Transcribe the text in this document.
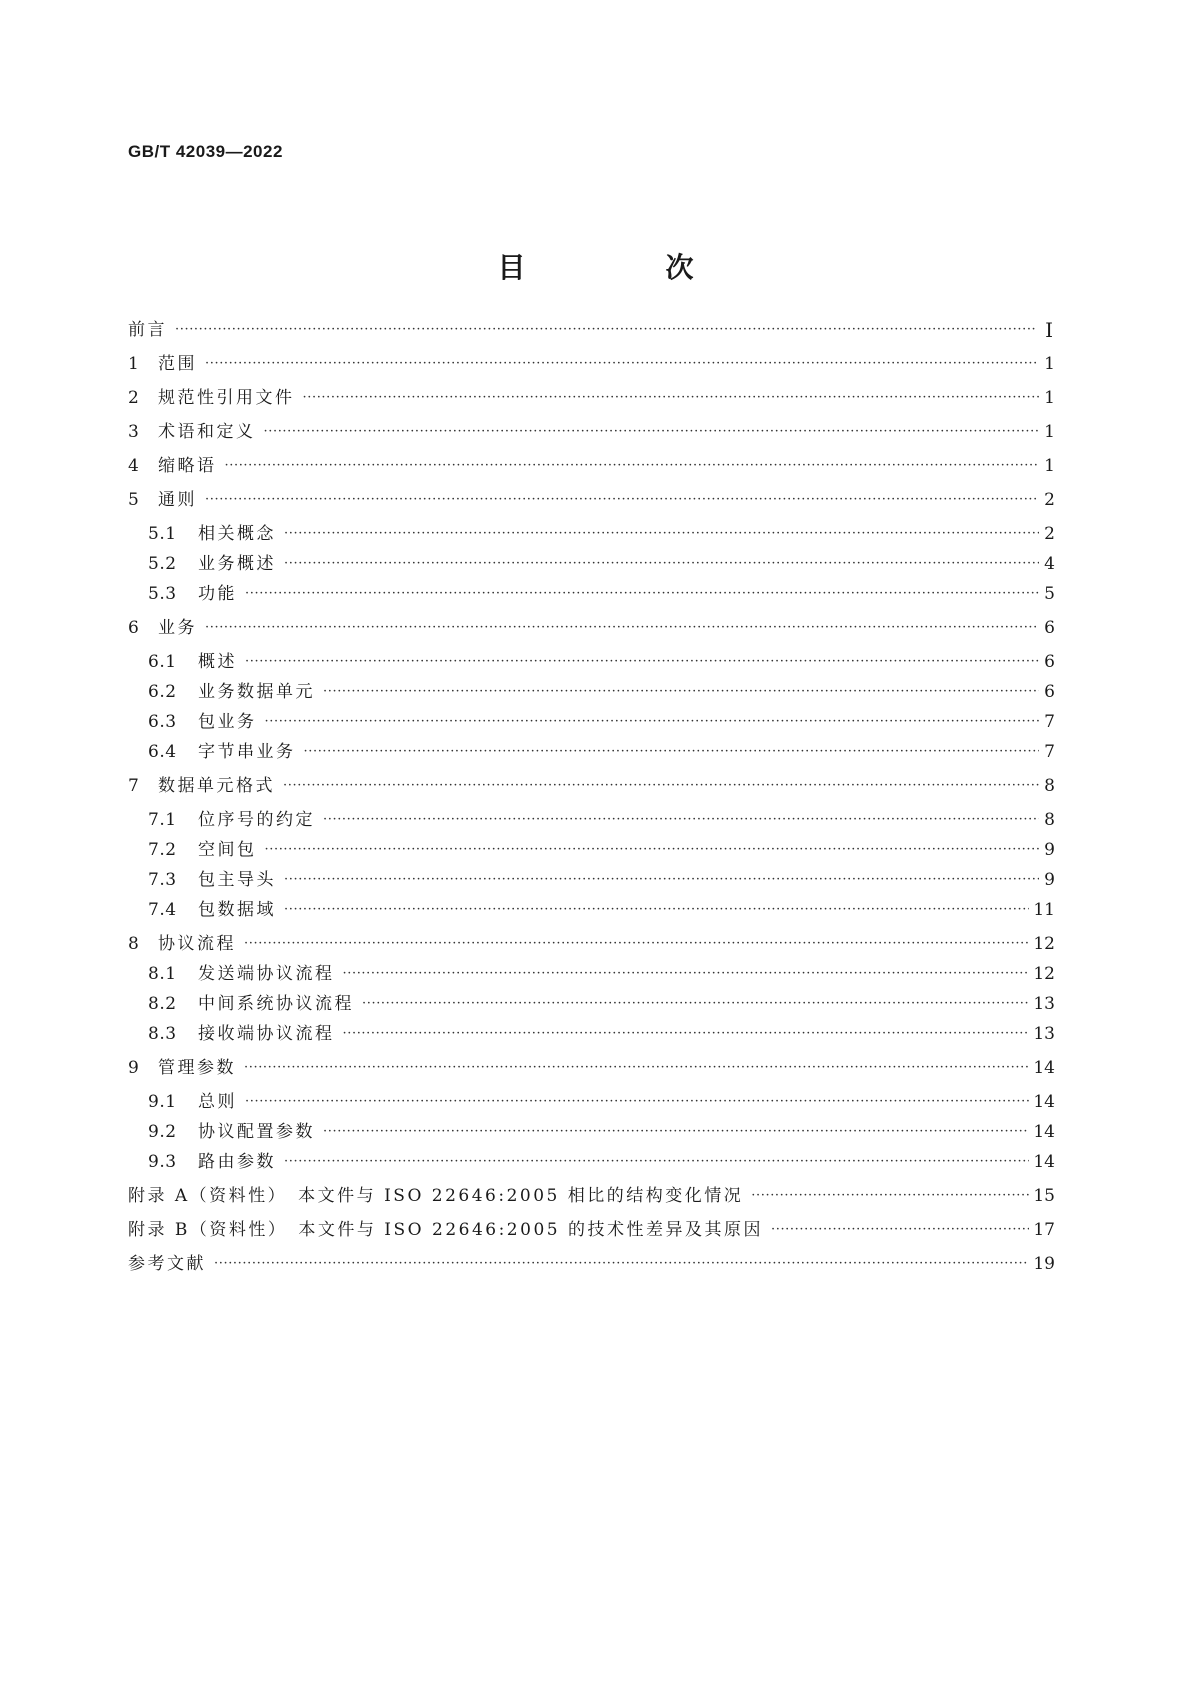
GB/T 42039—2022
目　次
前言 ·····	Ⅰ
1	范围 ·····	1
2	规范性引用文件 ·····	1
3	术语和定义 ·····	1
4	缩略语 ·····	1
5	通则 ·····	2
5.1	相关概念 ·····	2
5.2	业务概述 ·····	4
5.3	功能 ·····	5
6	业务 ·····	6
6.1	概述 ·····	6
6.2	业务数据单元 ·····	6
6.3	包业务 ·····	7
6.4	字节串业务 ·····	7
7	数据单元格式 ·····	8
7.1	位序号的约定 ·····	8
7.2	空间包 ·····	9
7.3	包主导头 ·····	9
7.4	包数据域 ·····	11
8	协议流程 ·····	12
8.1	发送端协议流程 ·····	12
8.2	中间系统协议流程 ·····	13
8.3	接收端协议流程 ·····	13
9	管理参数 ·····	14
9.1	总则 ·····	14
9.2	协议配置参数 ·····	14
9.3	路由参数 ·····	14
附录 A（资料性）　本文件与 ISO 22646:2005 相比的结构变化情况 ·····	15
附录 B（资料性）　本文件与 ISO 22646:2005 的技术性差异及其原因 ·····	17
参考文献 ·····	19
